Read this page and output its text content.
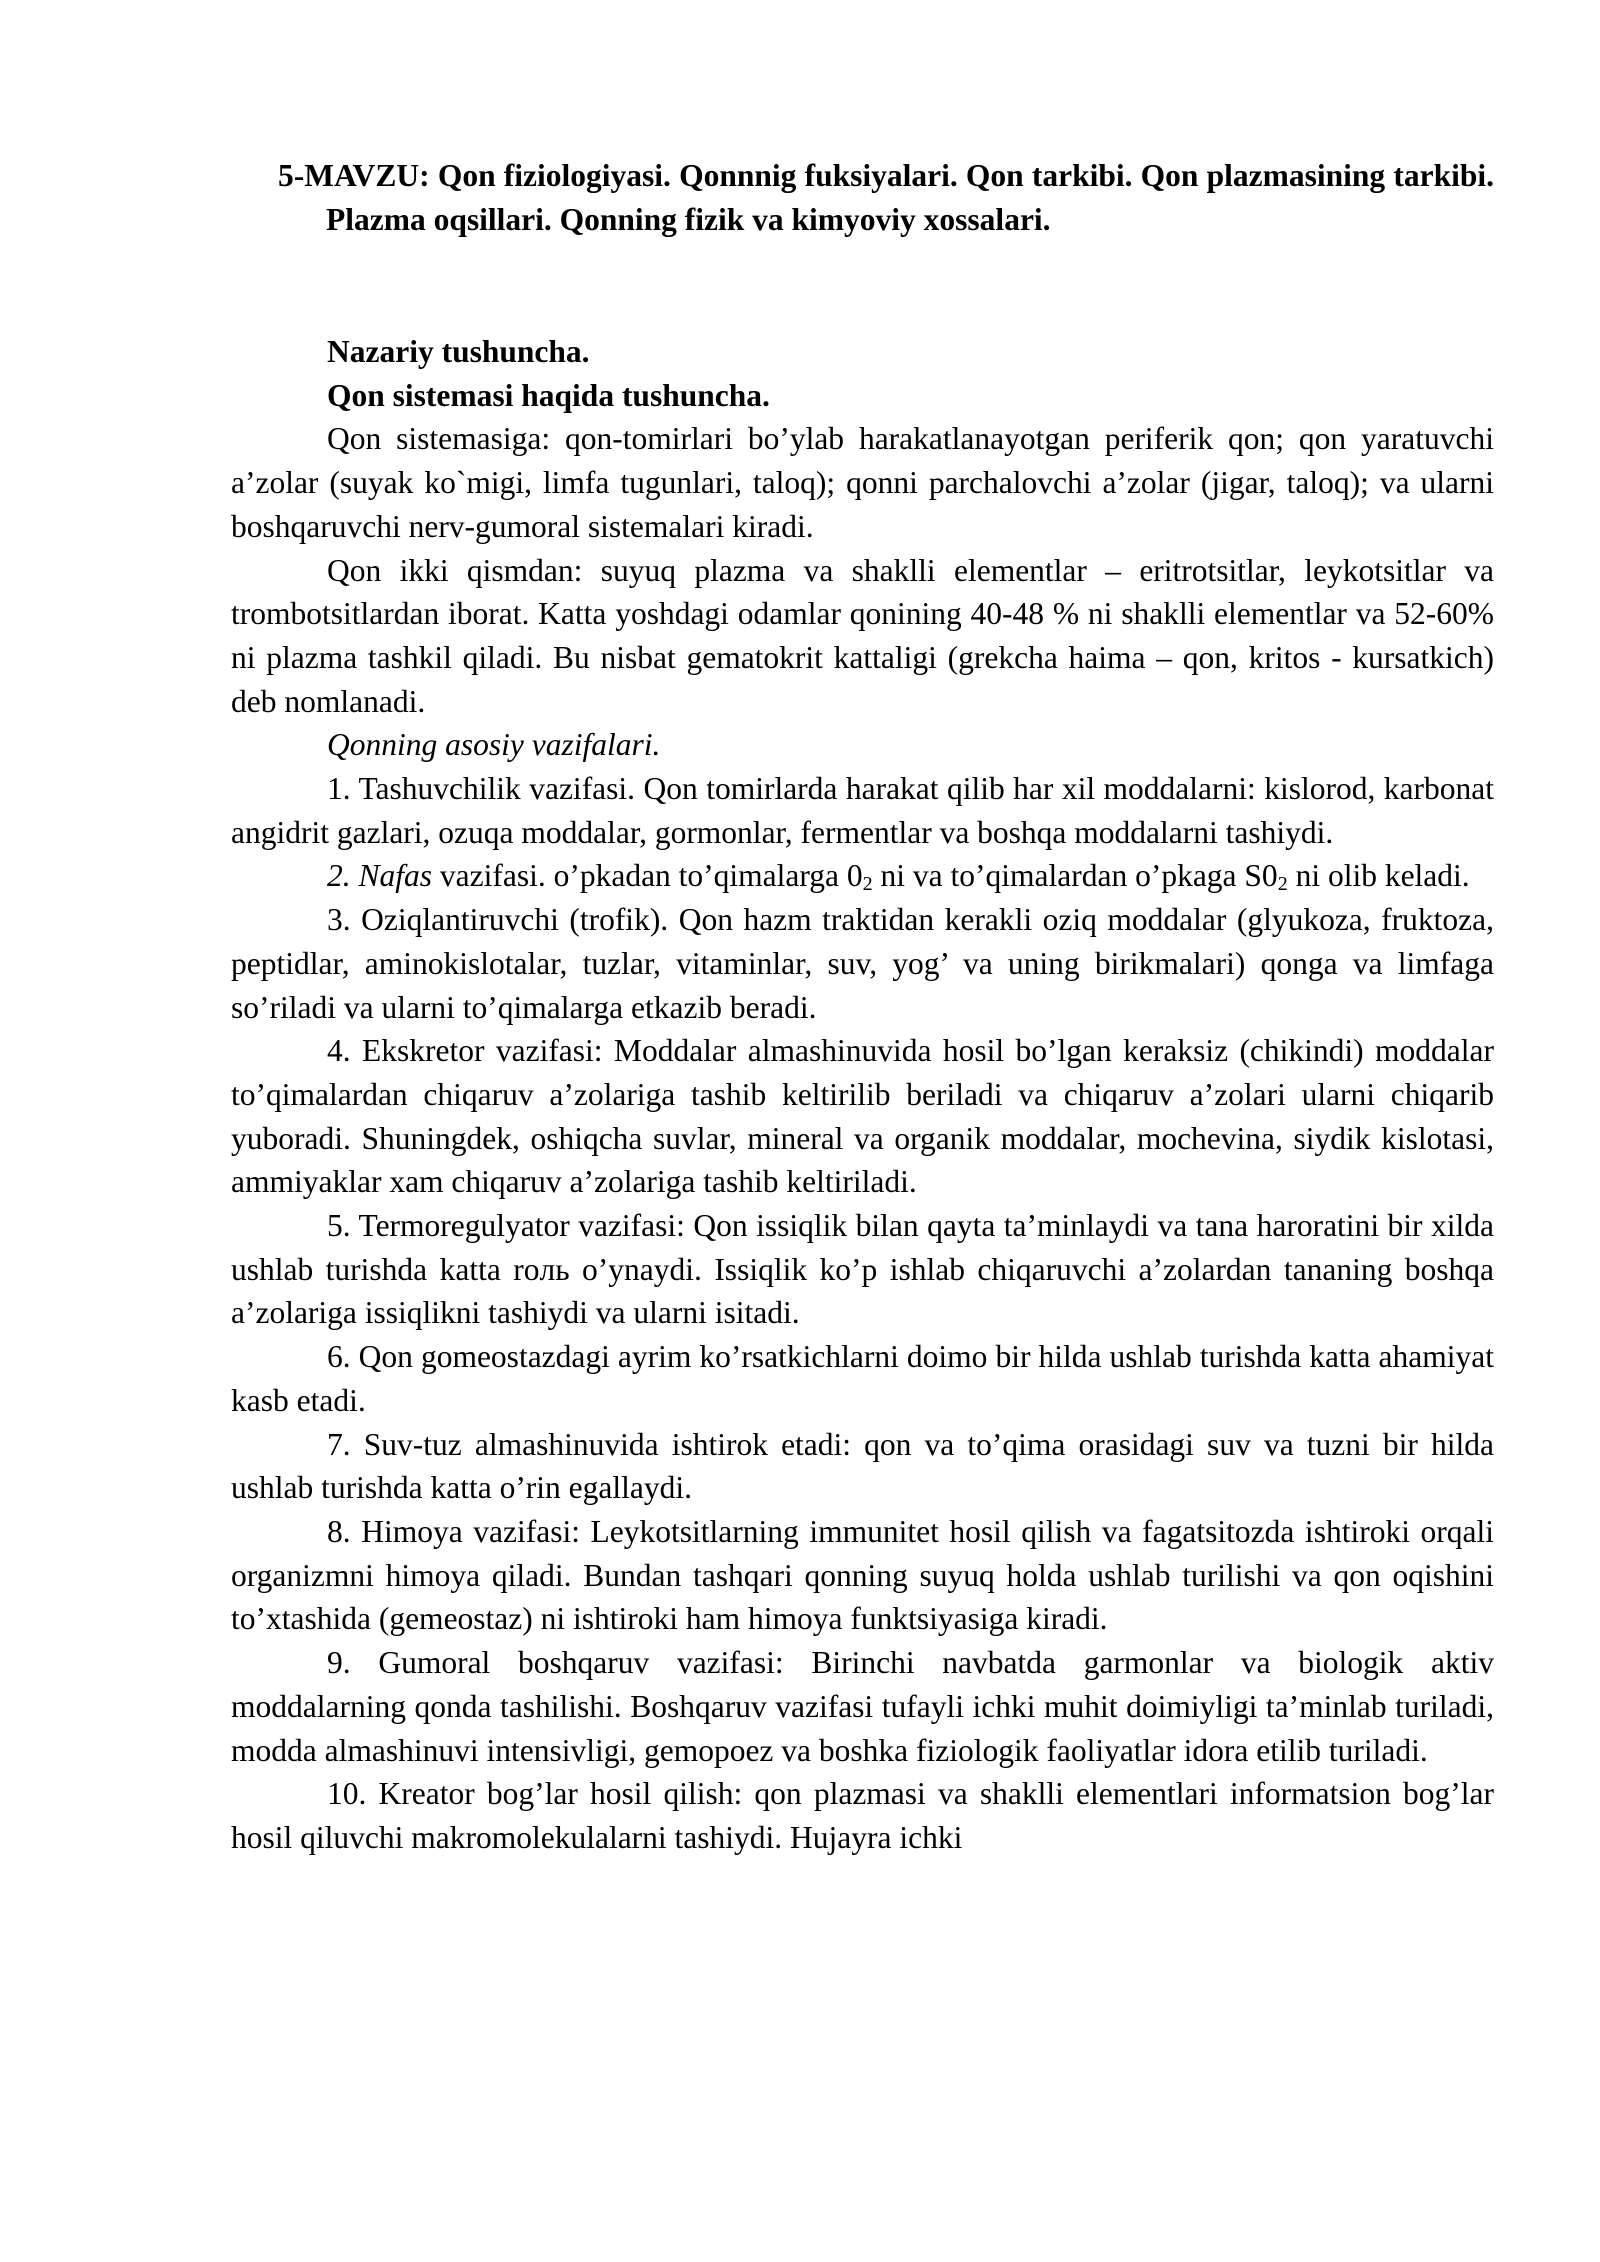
5-MAVZU: Qon fiziologiyasi. Qonnnig fuksiyalari. Qon tarkibi. Qon plazmasining tarkibi. Plazma oqsillari. Qonning fizik va kimyoviy xossalari.

Nazariy tushuncha.

Qon sistemasi haqida tushuncha.

Qon sistemasiga: qon-tomirlari bo’ylab harakatlanayotgan periferik qon; qon yaratuvchi a’zolar (suyak ko`migi, limfa tugunlari, taloq); qonni parchalovchi a’zolar (jigar, taloq); va ularni boshqaruvchi nerv-gumoral sistemalari kiradi.

Qon ikki qismdan: suyuq plazma va shaklli elementlar – eritrotsitlar, leykotsitlar va trombotsitlardan iborat. Katta yoshdagi odamlar qonining 40-48 % ni shaklli elementlar va 52-60% ni plazma tashkil qiladi. Bu nisbat gematokrit kattaligi (grekcha haima – qon, kritos - kursatkich) deb nomlanadi.

Qonning asosiy vazifalari.

1. Tashuvchilik vazifasi. Qon tomirlarda harakat qilib har xil moddalarni: kislorod, karbonat angidrit gazlari, ozuqa moddalar, gormonlar, fermentlar va boshqa moddalarni tashiydi.

2. Nafas vazifasi. o’pkadan to’qimalarga $0_2$ ni va to’qimalardan o’pkaga $S0_2$ ni olib keladi.

3. Oziqlantiruvchi (trofik). Qon hazm traktidan kerakli oziq moddalar (glyukoza, fruktoza, peptidlar, aminokislotalar, tuzlar, vitaminlar, suv, yog’ va uning birikmalari) qonga va limfaga so’riladi va ularni to’qimalarga etkazib beradi.

4. Ekskretor vazifasi: Moddalar almashinuvida hosil bo’lgan keraksiz (chikindi) moddalar to’qimalardan chiqaruv a’zolariga tashib keltirilib beriladi va chiqaruv a’zolari ularni chiqarib yuboradi. Shuningdek, oshiqcha suvlar, mineral va organik moddalar, mochevina, siydik kislotasi, ammiyaklar xam chiqaruv a’zolariga tashib keltiriladi.

5. Termoregulyator vazifasi: Qon issiqlik bilan qayta ta’minlaydi va tana haroratini bir xilda ushlab turishda katta roль o’ynaydi. Issiqlik ko’p ishlab chiqaruvchi a’zolardan tananing boshqa a’zolariga issiqlikni tashiydi va ularni isitadi.

6. Qon gomeostazdagi ayrim ko’rsatkichlarni doimo bir hilda ushlab turishda katta ahamiyat kasb etadi.

7. Suv-tuz almashinuvida ishtirok etadi: qon va to’qima orasidagi suv va tuzni bir hilda ushlab turishda katta o’rin egallaydi.

8. Himoya vazifasi: Leykotsitlarning immunitet hosil qilish va fagatsitozda ishtiroki orqali organizmni himoya qiladi. Bundan tashqari qonning suyuq holda ushlab turilishi va qon oqishini to’xtashida (gemeostaz) ni ishtiroki ham himoya funktsiyasiga kiradi.

9. Gumoral boshqaruv vazifasi: Birinchi navbatda garmonlar va biologik aktiv moddalarning qonda tashilishi. Boshqaruv vazifasi tufayli ichki muhit doimiyligi ta’minlab turiladi, modda almashinuvi intensivligi, gemopoez va boshka fiziologik faoliyatlar idora etilib turiladi.

10. Kreator bog’lar hosil qilish: qon plazmasi va shaklli elementlari informatsion bog’lar hosil qiluvchi makromolekulalarni tashiydi. Hujayra ichki
